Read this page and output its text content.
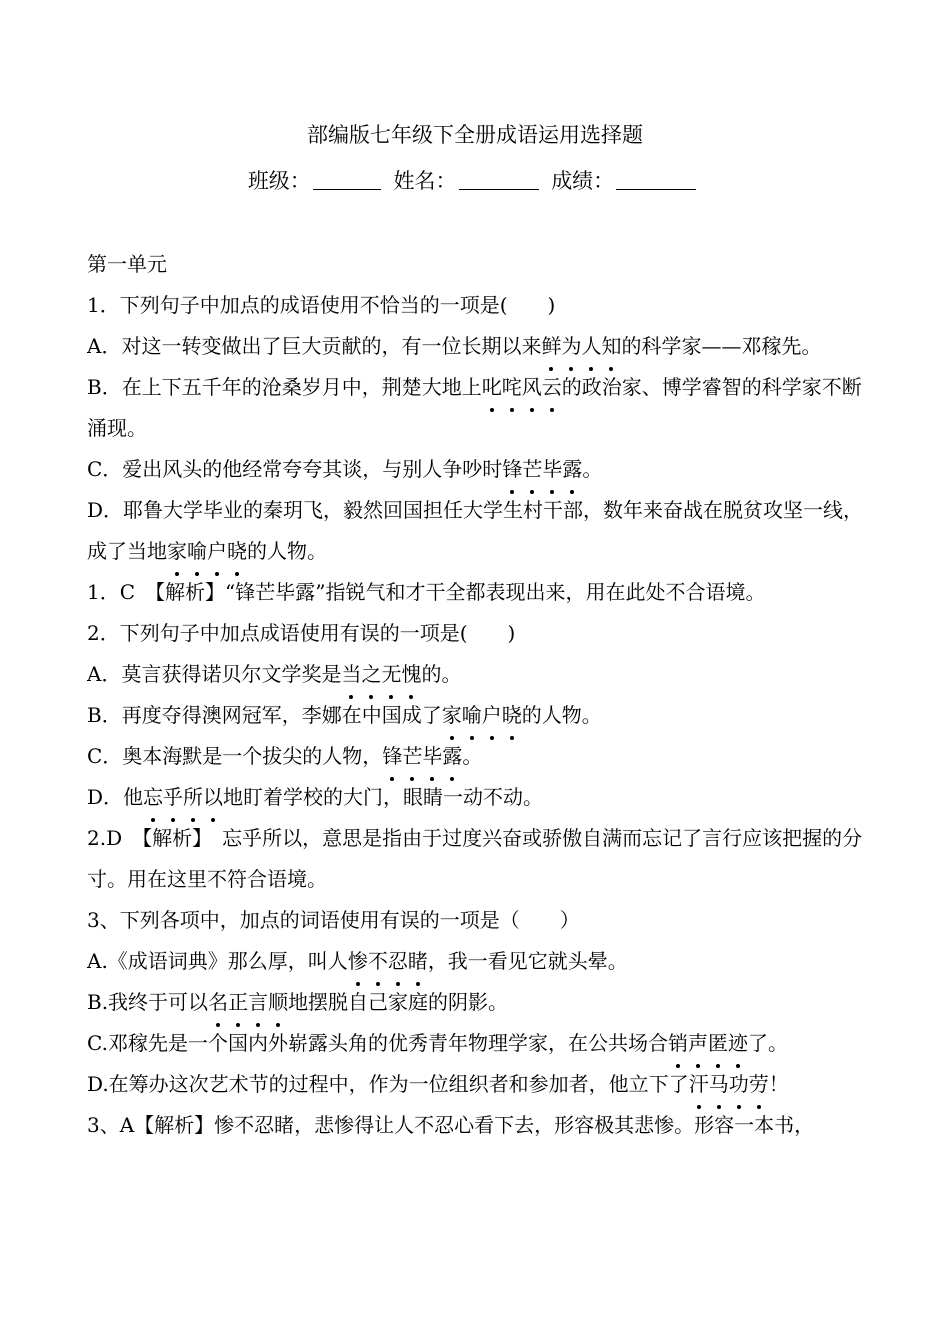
部编版七年级下全册成语运用选择题
班级：	姓名：	成绩：

第一单元

1．下列句子中加点的成语使用不恰当的一项是(　　)

A．对这一转变做出了巨大贡献的，有一位长期以来鲜为人知的科学家——邓稼先。

B．在上下五千年的沧桑岁月中，荆楚大地上叱咤风云的政治家、博学睿智的科学家不断涌现。

C．爱出风头的他经常夸夸其谈，与别人争吵时锋芒毕露。

D．耶鲁大学毕业的秦玥飞，毅然回国担任大学生村干部，数年来奋战在脱贫攻坚一线，成了当地家喻户晓的人物。

1．C　【解析】“锋芒毕露”指锐气和才干全都表现出来，用在此处不合语境。

2．下列句子中加点成语使用有误的一项是(　　)

A．莫言获得诺贝尔文学奖是当之无愧的。

B．再度夺得澳网冠军，李娜在中国成了家喻户晓的人物。

C．奥本海默是一个拔尖的人物，锋芒毕露。

D．他忘乎所以地盯着学校的大门，眼睛一动不动。

2.D　【解析】　忘乎所以，意思是指由于过度兴奋或骄傲自满而忘记了言行应该把握的分寸。用在这里不符合语境。

3、下列各项中，加点的词语使用有误的一项是（　　）

A.《成语词典》那么厚，叫人惨不忍睹，我一看见它就头晕。

B.我终于可以名正言顺地摆脱自己家庭的阴影。

C.邓稼先是一个国内外崭露头角的优秀青年物理学家，在公共场合销声匿迹了。

D.在筹办这次艺术节的过程中，作为一位组织者和参加者，他立下了汗马功劳！

3、A【解析】惨不忍睹，悲惨得让人不忍心看下去，形容极其悲惨。形容一本书，
